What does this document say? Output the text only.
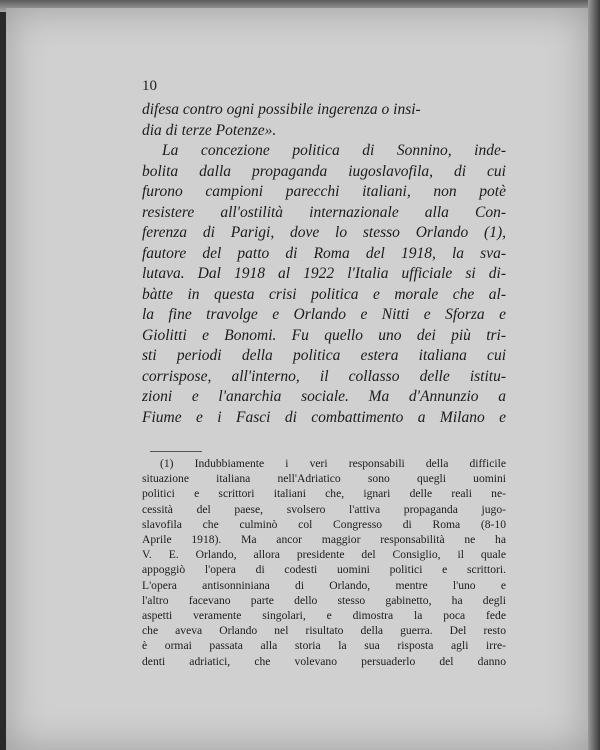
10
difesa contro ogni possibile ingerenza o insi-
dia di terze Potenze».
La concezione politica di Sonnino, inde-
bolita dalla propaganda iugoslavofila, di cui
furono campioni parecchi italiani, non potè
resistere all'ostilità internazionale alla Con-
ferenza di Parigi, dove lo stesso Orlando (1),
fautore del patto di Roma del 1918, la sva-
lutava. Dal 1918 al 1922 l'Italia ufficiale si di-
bàtte in questa crisi politica e morale che al-
la fine travolge e Orlando e Nitti e Sforza e
Giolitti e Bonomi. Fu quello uno dei più tri-
sti periodi della politica estera italiana cui
corrispose, all'interno, il collasso delle istitu-
zioni e l'anarchia sociale. Ma d'Annunzio a
Fiume e i Fasci di combattimento a Milano e
(1) Indubbiamente i veri responsabili della difficile
situazione italiana nell'Adriatico sono quegli uomini
politici e scrittori italiani che, ignari delle reali ne-
cessità del paese, svolsero l'attiva propaganda jugo-
slavofila che culminò col Congresso di Roma (8-10
Aprile 1918). Ma ancor maggior responsabilità ne ha
V. E. Orlando, allora presidente del Consiglio, il quale
appoggiò l'opera di codesti uomini politici e scrittori.
L'opera antisonniniana di Orlando, mentre l'uno e
l'altro facevano parte dello stesso gabinetto, ha degli
aspetti veramente singolari, e dimostra la poca fede
che aveva Orlando nel risultato della guerra. Del resto
è ormai passata alla storia la sua risposta agli irre-
denti adriatici, che volevano persuaderlo del danno
